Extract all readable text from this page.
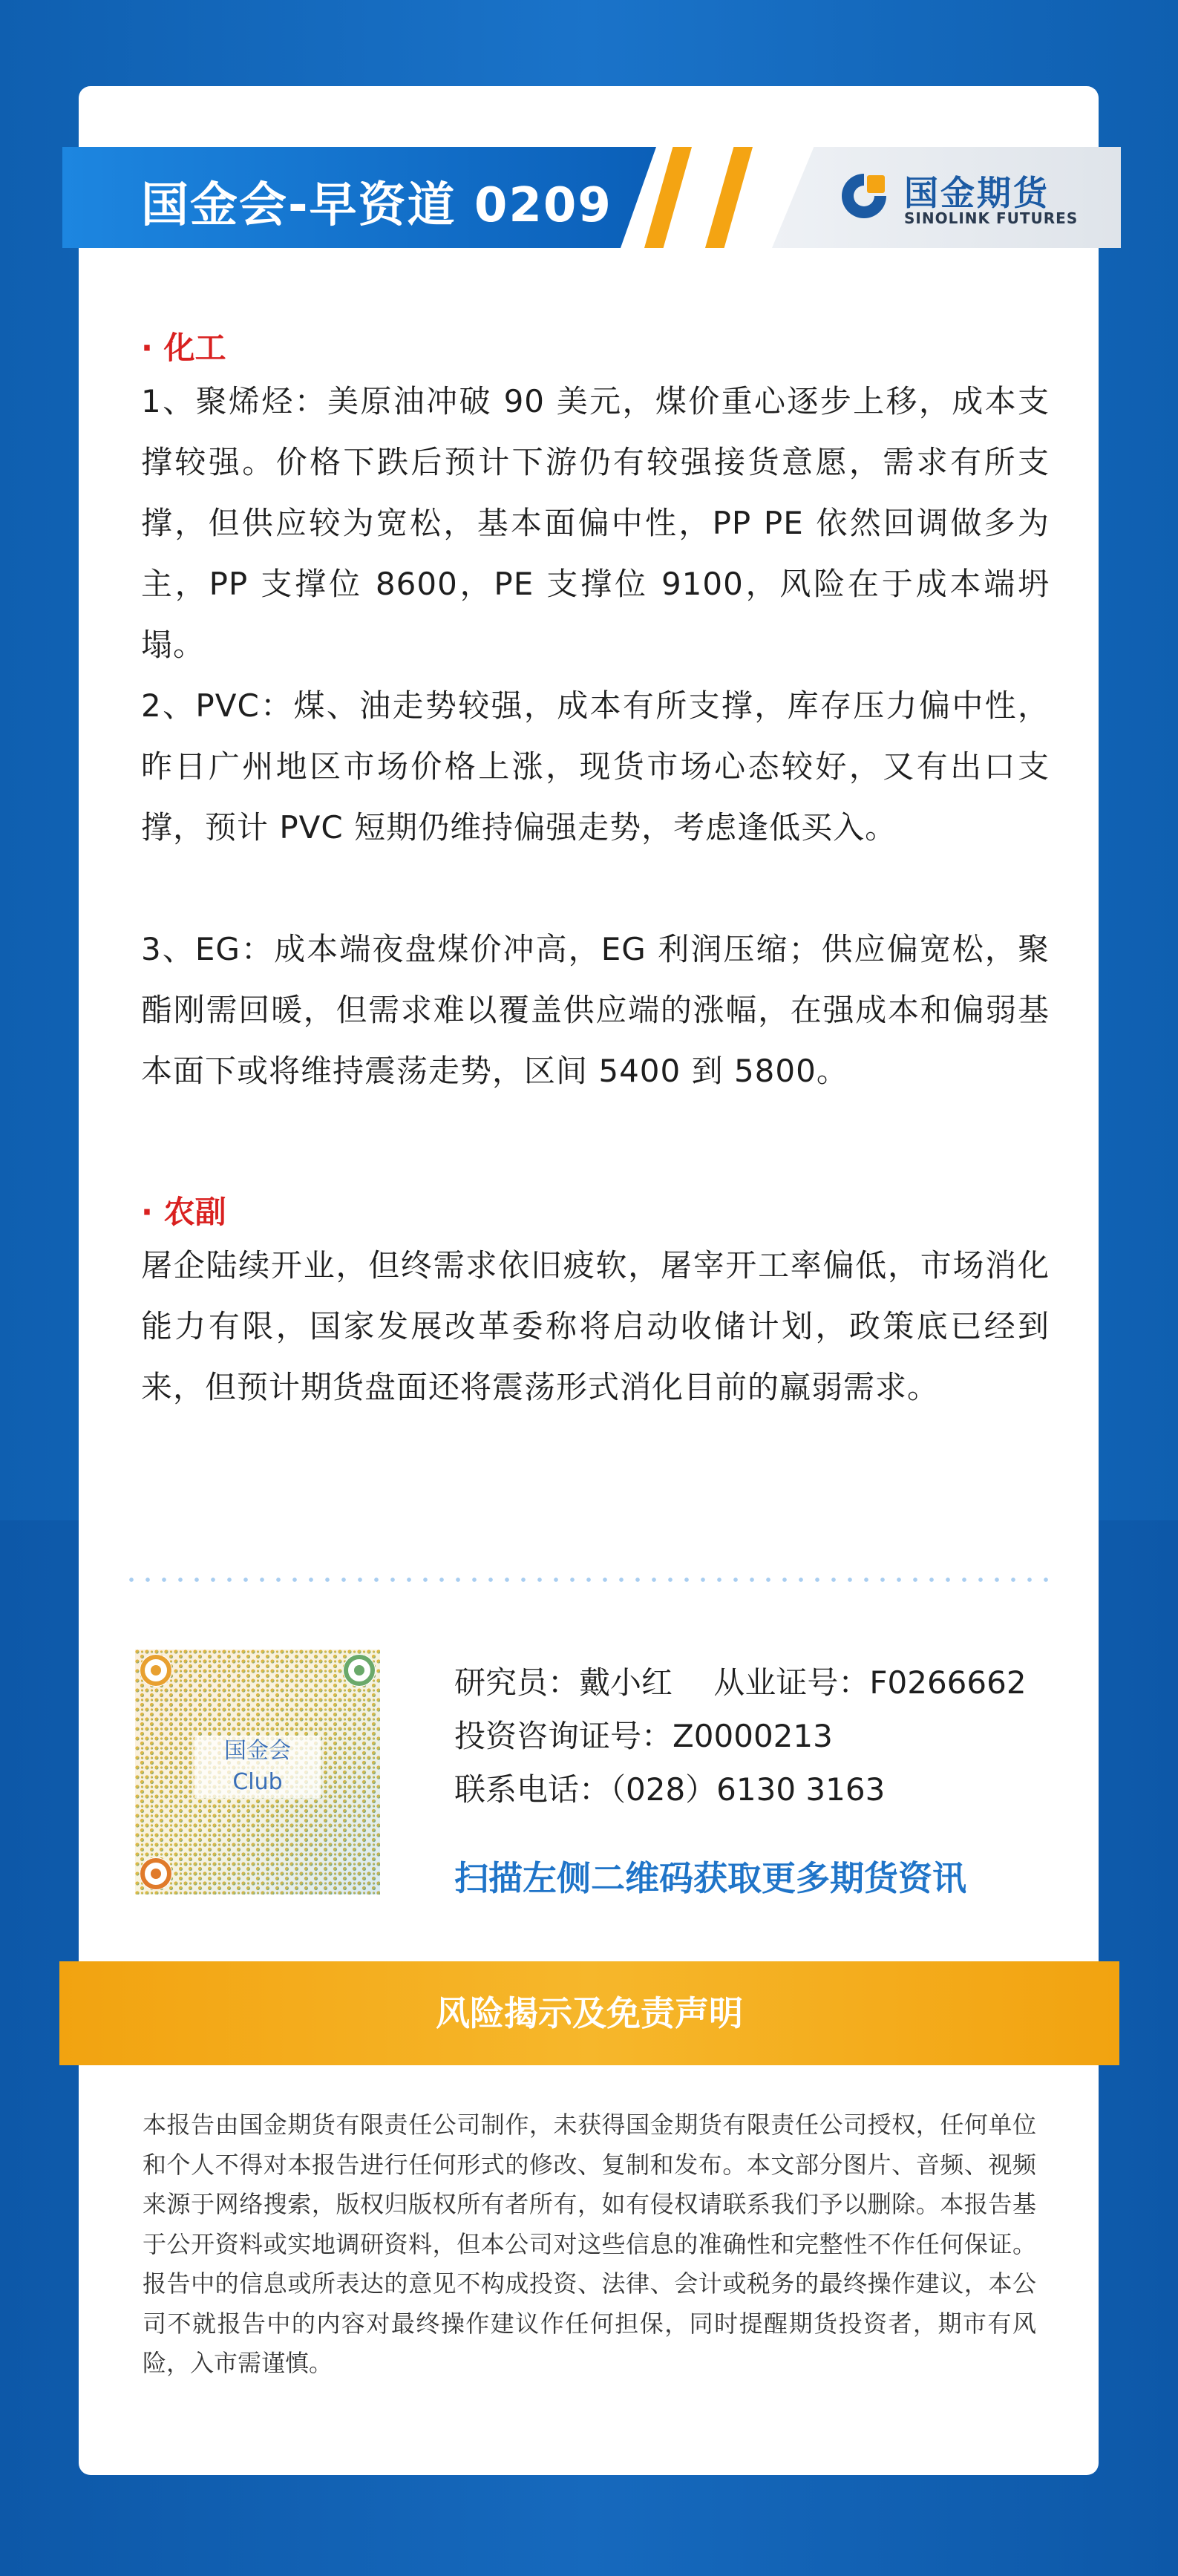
国金会-早资道 0209	国金期货
SINOLINK FUTURES
· 化工
1、聚烯烃：美原油冲破 90 美元，煤价重心逐步上移，成本支撑较强。价格下跌后预计下游仍有较强接货意愿，需求有所支撑，但供应较为宽松，基本面偏中性，PP PE 依然回调做多为主，PP 支撑位 8600，PE 支撑位 9100，风险在于成本端坍塌。
2、PVC：煤、油走势较强，成本有所支撑，库存压力偏中性，昨日广州地区市场价格上涨，现货市场心态较好，又有出口支撑，预计 PVC 短期仍维持偏强走势，考虑逢低买入。
3、EG：成本端夜盘煤价冲高，EG 利润压缩；供应偏宽松，聚酯刚需回暖，但需求难以覆盖供应端的涨幅，在强成本和偏弱基本面下或将维持震荡走势，区间 5400 到 5800。
· 农副
屠企陆续开业，但终需求依旧疲软，屠宰开工率偏低，市场消化能力有限，国家发展改革委称将启动收储计划，政策底已经到来，但预计期货盘面还将震荡形式消化目前的羸弱需求。
国金会
Club
研究员：戴小红　 从业证号：F0266662
投资咨询证号：Z0000213
联系电话：（028）6130 3163
扫描左侧二维码获取更多期货资讯
风险揭示及免责声明
本报告由国金期货有限责任公司制作，未获得国金期货有限责任公司授权，任何单位和个人不得对本报告进行任何形式的修改、复制和发布。本文部分图片、音频、视频来源于网络搜索，版权归版权所有者所有，如有侵权请联系我们予以删除。本报告基于公开资料或实地调研资料，但本公司对这些信息的准确性和完整性不作任何保证。报告中的信息或所表达的意见不构成投资、法律、会计或税务的最终操作建议，本公司不就报告中的内容对最终操作建议作任何担保，同时提醒期货投资者，期市有风险，入市需谨慎。
